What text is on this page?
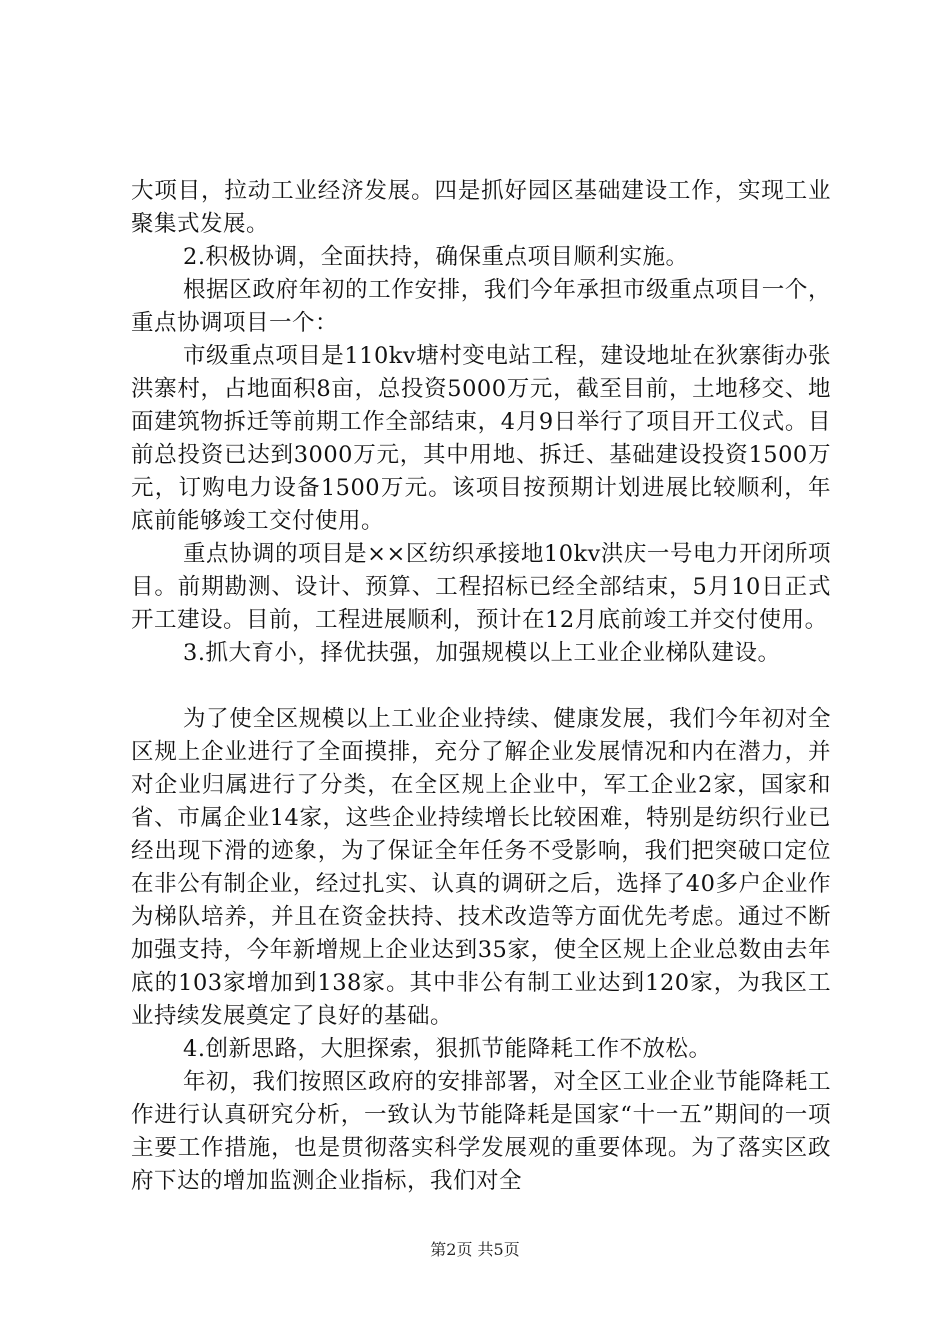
大项目，拉动工业经济发展。四是抓好园区基础建设工作，实现工业聚集式发展。

2.积极协调，全面扶持，确保重点项目顺利实施。

根据区政府年初的工作安排，我们今年承担市级重点项目一个，重点协调项目一个：

市级重点项目是110kv塘村变电站工程，建设地址在狄寨街办张洪寨村，占地面积8亩，总投资5000万元，截至目前，土地移交、地面建筑物拆迁等前期工作全部结束，4月9日举行了项目开工仪式。目前总投资已达到3000万元，其中用地、拆迁、基础建设投资1500万元，订购电力设备1500万元。该项目按预期计划进展比较顺利，年底前能够竣工交付使用。

重点协调的项目是××区纺织承接地10kv洪庆一号电力开闭所项目。前期勘测、设计、预算、工程招标已经全部结束，5月10日正式开工建设。目前，工程进展顺利，预计在12月底前竣工并交付使用。

3.抓大育小，择优扶强，加强规模以上工业企业梯队建设。

为了使全区规模以上工业企业持续、健康发展，我们今年初对全区规上企业进行了全面摸排，充分了解企业发展情况和内在潜力，并对企业归属进行了分类，在全区规上企业中，军工企业2家，国家和省、市属企业14家，这些企业持续增长比较困难，特别是纺织行业已经出现下滑的迹象，为了保证全年任务不受影响，我们把突破口定位在非公有制企业，经过扎实、认真的调研之后，选择了40多户企业作为梯队培养，并且在资金扶持、技术改造等方面优先考虑。通过不断加强支持，今年新增规上企业达到35家，使全区规上企业总数由去年底的103家增加到138家。其中非公有制工业达到120家，为我区工业持续发展奠定了良好的基础。

4.创新思路，大胆探索，狠抓节能降耗工作不放松。

年初，我们按照区政府的安排部署，对全区工业企业节能降耗工作进行认真研究分析，一致认为节能降耗是国家“十一五”期间的一项主要工作措施，也是贯彻落实科学发展观的重要体现。为了落实区政府下达的增加监测企业指标，我们对全

第2页 共5页
